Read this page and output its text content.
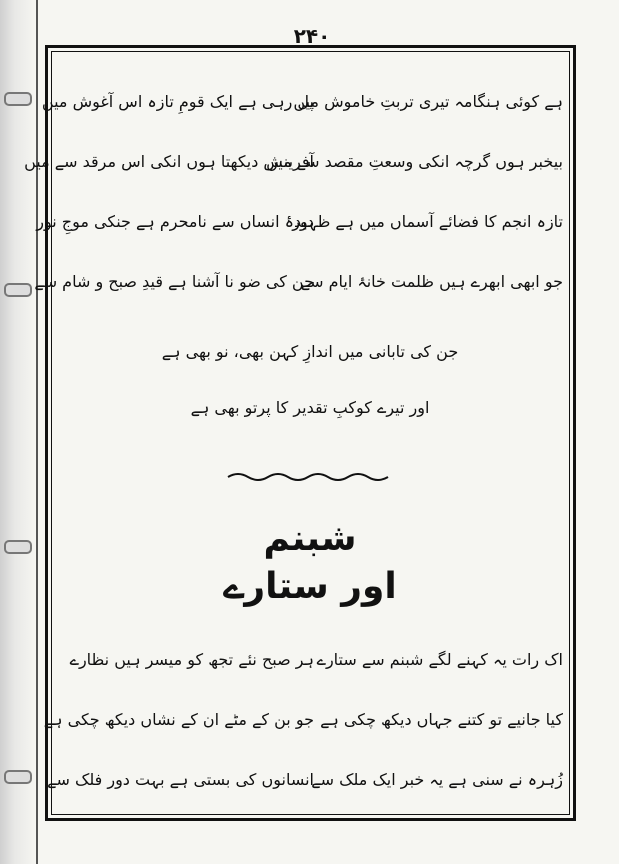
۲۴۰
ہے کوئی ہنگامہ تیری تربتِ خاموش میں
پل رہی ہے ایک قومِ تازہ اس آغوش میں
بیخبر ہوں گرچہ انکی وسعتِ مقصد سے میں
آفرینش دیکھتا ہوں انکی اس مرقد سے میں
تازہ انجم کا فضائے آسماں میں ہے ظہور
دیدۂ انساں سے نامحرم ہے جنکی موجِ نور
جو ابھی ابھرے ہیں ظلمت خانۂ ایام سے
جن کی ضو نا آشنا ہے قیدِ صبح و شام سے
جن کی تابانی میں اندازِ کہن بھی، نو بھی ہے
اور تیرے کوکبِ تقدیر کا پرتو بھی ہے
شبنم
اور ستارے
اک رات یہ کہنے لگے شبنم سے ستارے
ہر صبح نئے تجھ کو میسر ہیں نظارے
کیا جانیے تو کتنے جہاں دیکھ چکی ہے
جو بن کے مٹے ان کے نشاں دیکھ چکی ہے
زُہرہ نے سنی ہے یہ خبر ایک ملک سے
انسانوں کی بستی ہے بہت دور فلک سے
